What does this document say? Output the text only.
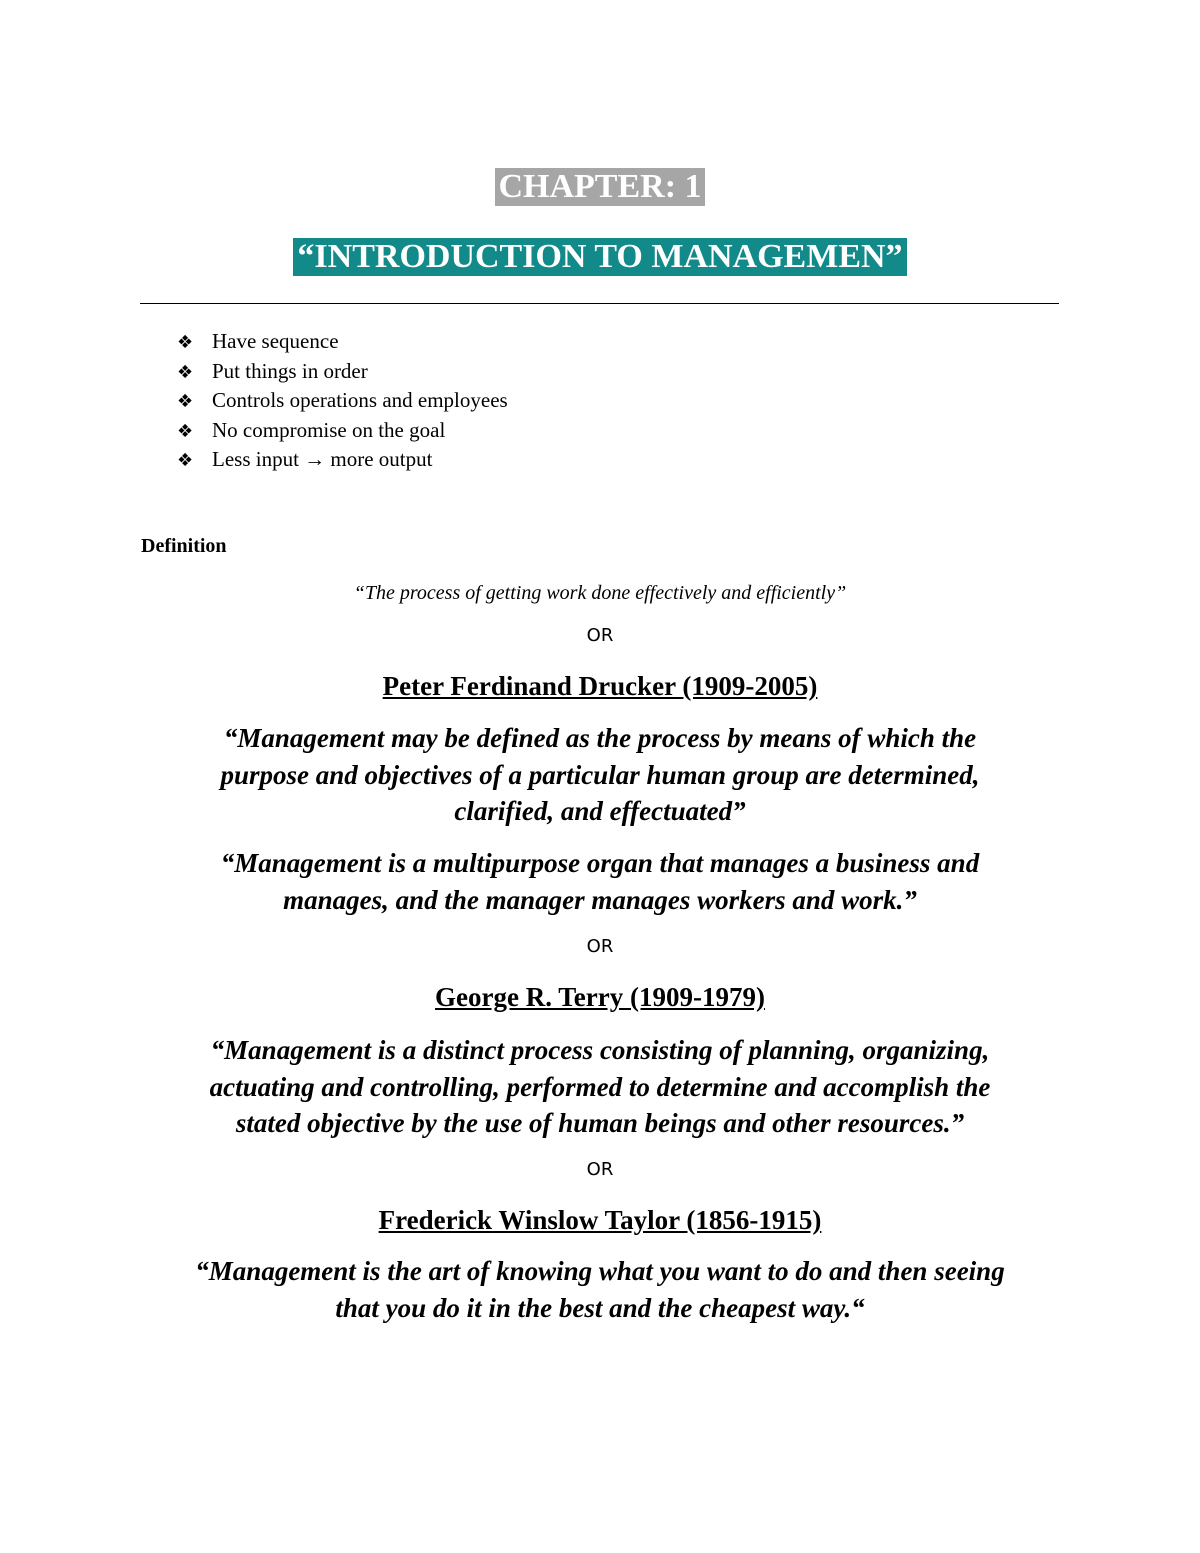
CHAPTER: 1
“INTRODUCTION TO MANAGEMEN”
❖ Have sequence
❖ Put things in order
❖ Controls operations and employees
❖ No compromise on the goal
❖ Less input → more output
Definition
“The process of getting work done effectively and efficiently”
OR
Peter Ferdinand Drucker (1909-2005)
“Management may be defined as the process by means of which the
purpose and objectives of a particular human group are determined,
clarified, and effectuated”
“Management is a multipurpose organ that manages a business and
manages, and the manager manages workers and work.”
OR
George R. Terry (1909-1979)
“Management is a distinct process consisting of planning, organizing,
actuating and controlling, performed to determine and accomplish the
stated objective by the use of human beings and other resources.”
OR
Frederick Winslow Taylor (1856-1915)
“Management is the art of knowing what you want to do and then seeing
that you do it in the best and the cheapest way.“
